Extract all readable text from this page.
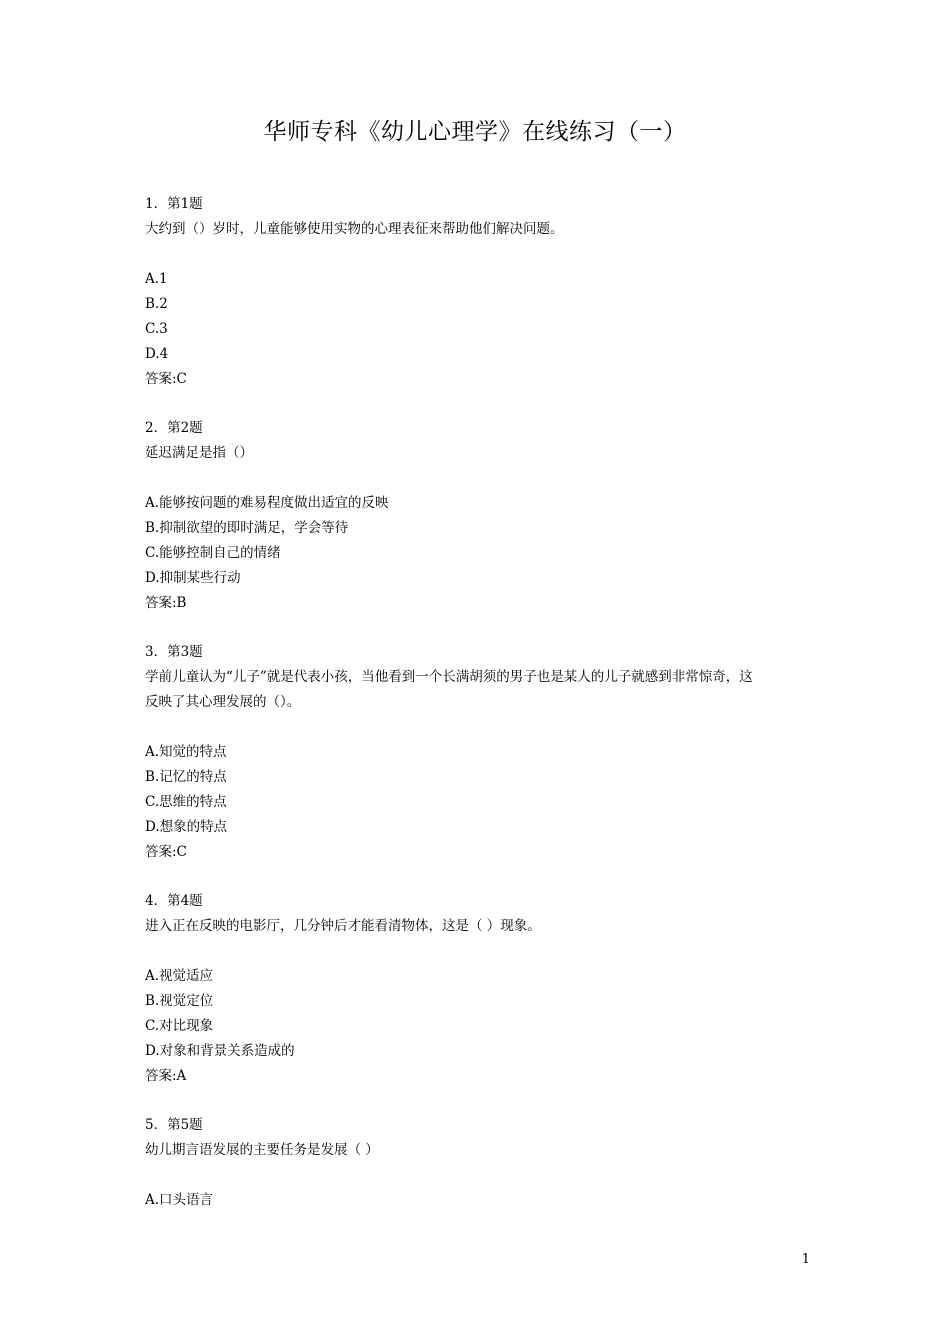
华师专科《幼儿心理学》在线练习（一）
1．第1题
大约到（）岁时，儿童能够使用实物的心理表征来帮助他们解决问题。
A.1
B.2
C.3
D.4
答案:C
2．第2题
延迟满足是指（）
A.能够按问题的难易程度做出适宜的反映
B.抑制欲望的即时满足，学会等待
C.能够控制自己的情绪
D.抑制某些行动
答案:B
3．第3题
学前儿童认为“儿子”就是代表小孩，当他看到一个长满胡须的男子也是某人的儿子就感到非常惊奇，这
反映了其心理发展的（）。
A.知觉的特点
B.记忆的特点
C.思维的特点
D.想象的特点
答案:C
4．第4题
进入正在反映的电影厅，几分钟后才能看清物体，这是（ ）现象。
A.视觉适应
B.视觉定位
C.对比现象
D.对象和背景关系造成的
答案:A
5．第5题
幼儿期言语发展的主要任务是发展（ ）
A.口头语言
1
